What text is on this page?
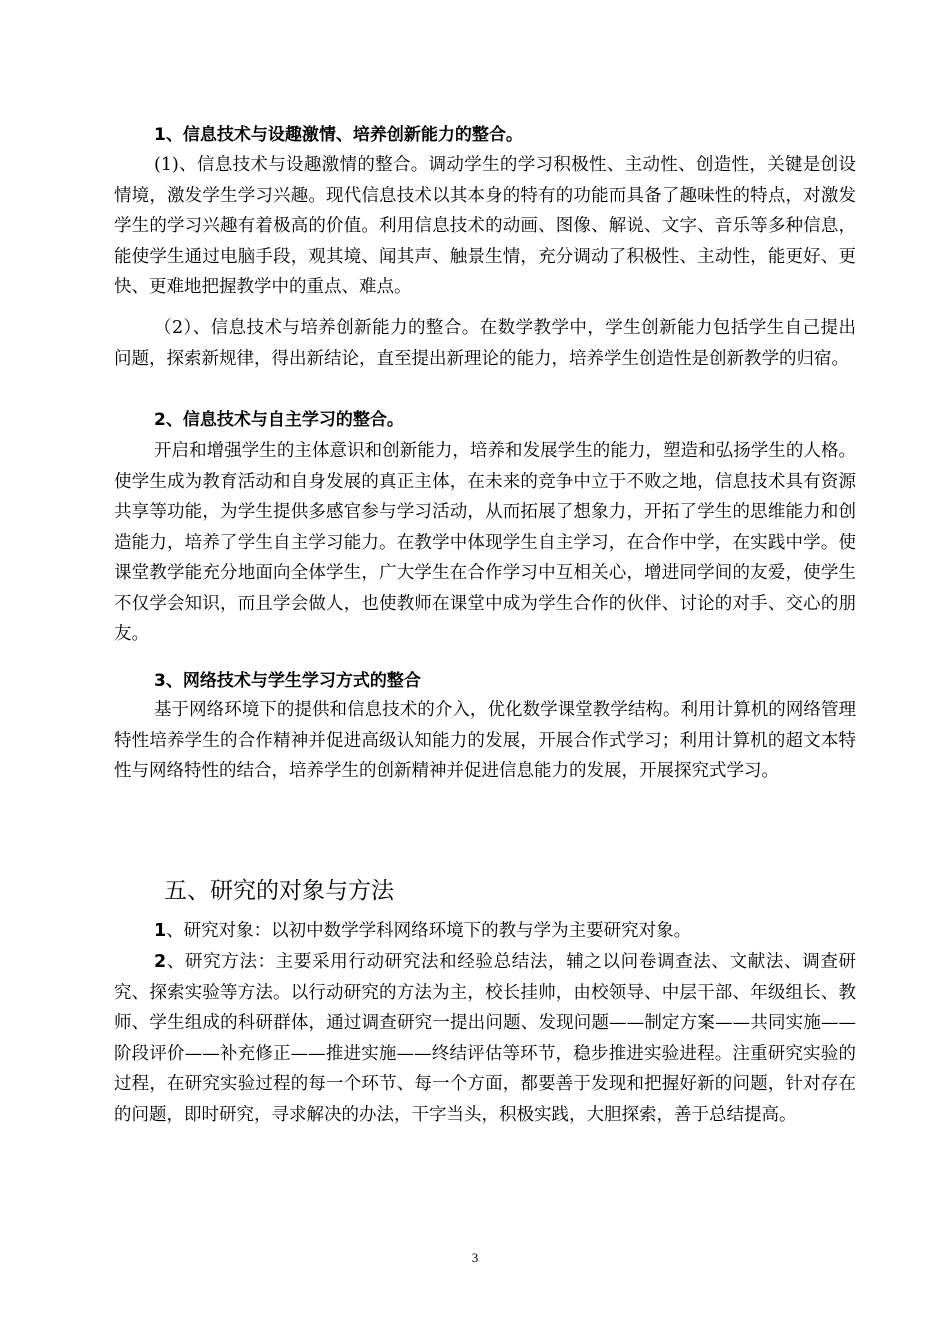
1、信息技术与设趣激情、培养创新能力的整合。

(1)、信息技术与设趣激情的整合。调动学生的学习积极性、主动性、创造性，关键是创设情境，激发学生学习兴趣。现代信息技术以其本身的特有的功能而具备了趣味性的特点，对激发学生的学习兴趣有着极高的价值。利用信息技术的动画、图像、解说、文字、音乐等多种信息，能使学生通过电脑手段，观其境、闻其声、触景生情，充分调动了积极性、主动性，能更好、更快、更难地把握教学中的重点、难点。

（2）、信息技术与培养创新能力的整合。在数学教学中，学生创新能力包括学生自己提出问题，探索新规律，得出新结论，直至提出新理论的能力，培养学生创造性是创新教学的归宿。

2、信息技术与自主学习的整合。

开启和增强学生的主体意识和创新能力，培养和发展学生的能力，塑造和弘扬学生的人格。使学生成为教育活动和自身发展的真正主体，在未来的竞争中立于不败之地，信息技术具有资源共享等功能，为学生提供多感官参与学习活动，从而拓展了想象力，开拓了学生的思维能力和创造能力，培养了学生自主学习能力。在教学中体现学生自主学习，在合作中学，在实践中学。使课堂教学能充分地面向全体学生，广大学生在合作学习中互相关心，增进同学间的友爱，使学生不仅学会知识，而且学会做人，也使教师在课堂中成为学生合作的伙伴、讨论的对手、交心的朋友。

3、网络技术与学生学习方式的整合

基于网络环境下的提供和信息技术的介入，优化数学课堂教学结构。利用计算机的网络管理特性培养学生的合作精神并促进高级认知能力的发展，开展合作式学习；利用计算机的超文本特性与网络特性的结合，培养学生的创新精神并促进信息能力的发展，开展探究式学习。

五、研究的对象与方法

1、研究对象：以初中数学学科网络环境下的教与学为主要研究对象。

2、研究方法：主要采用行动研究法和经验总结法，辅之以问卷调查法、文献法、调查研究、探索实验等方法。以行动研究的方法为主，校长挂帅，由校领导、中层干部、年级组长、教师、学生组成的科研群体，通过调查研究一提出问题、发现问题——制定方案——共同实施——阶段评价——补充修正——推进实施——终结评估等环节，稳步推进实验进程。注重研究实验的过程，在研究实验过程的每一个环节、每一个方面，都要善于发现和把握好新的问题，针对存在的问题，即时研究，寻求解决的办法，干字当头，积极实践，大胆探索，善于总结提高。

3
